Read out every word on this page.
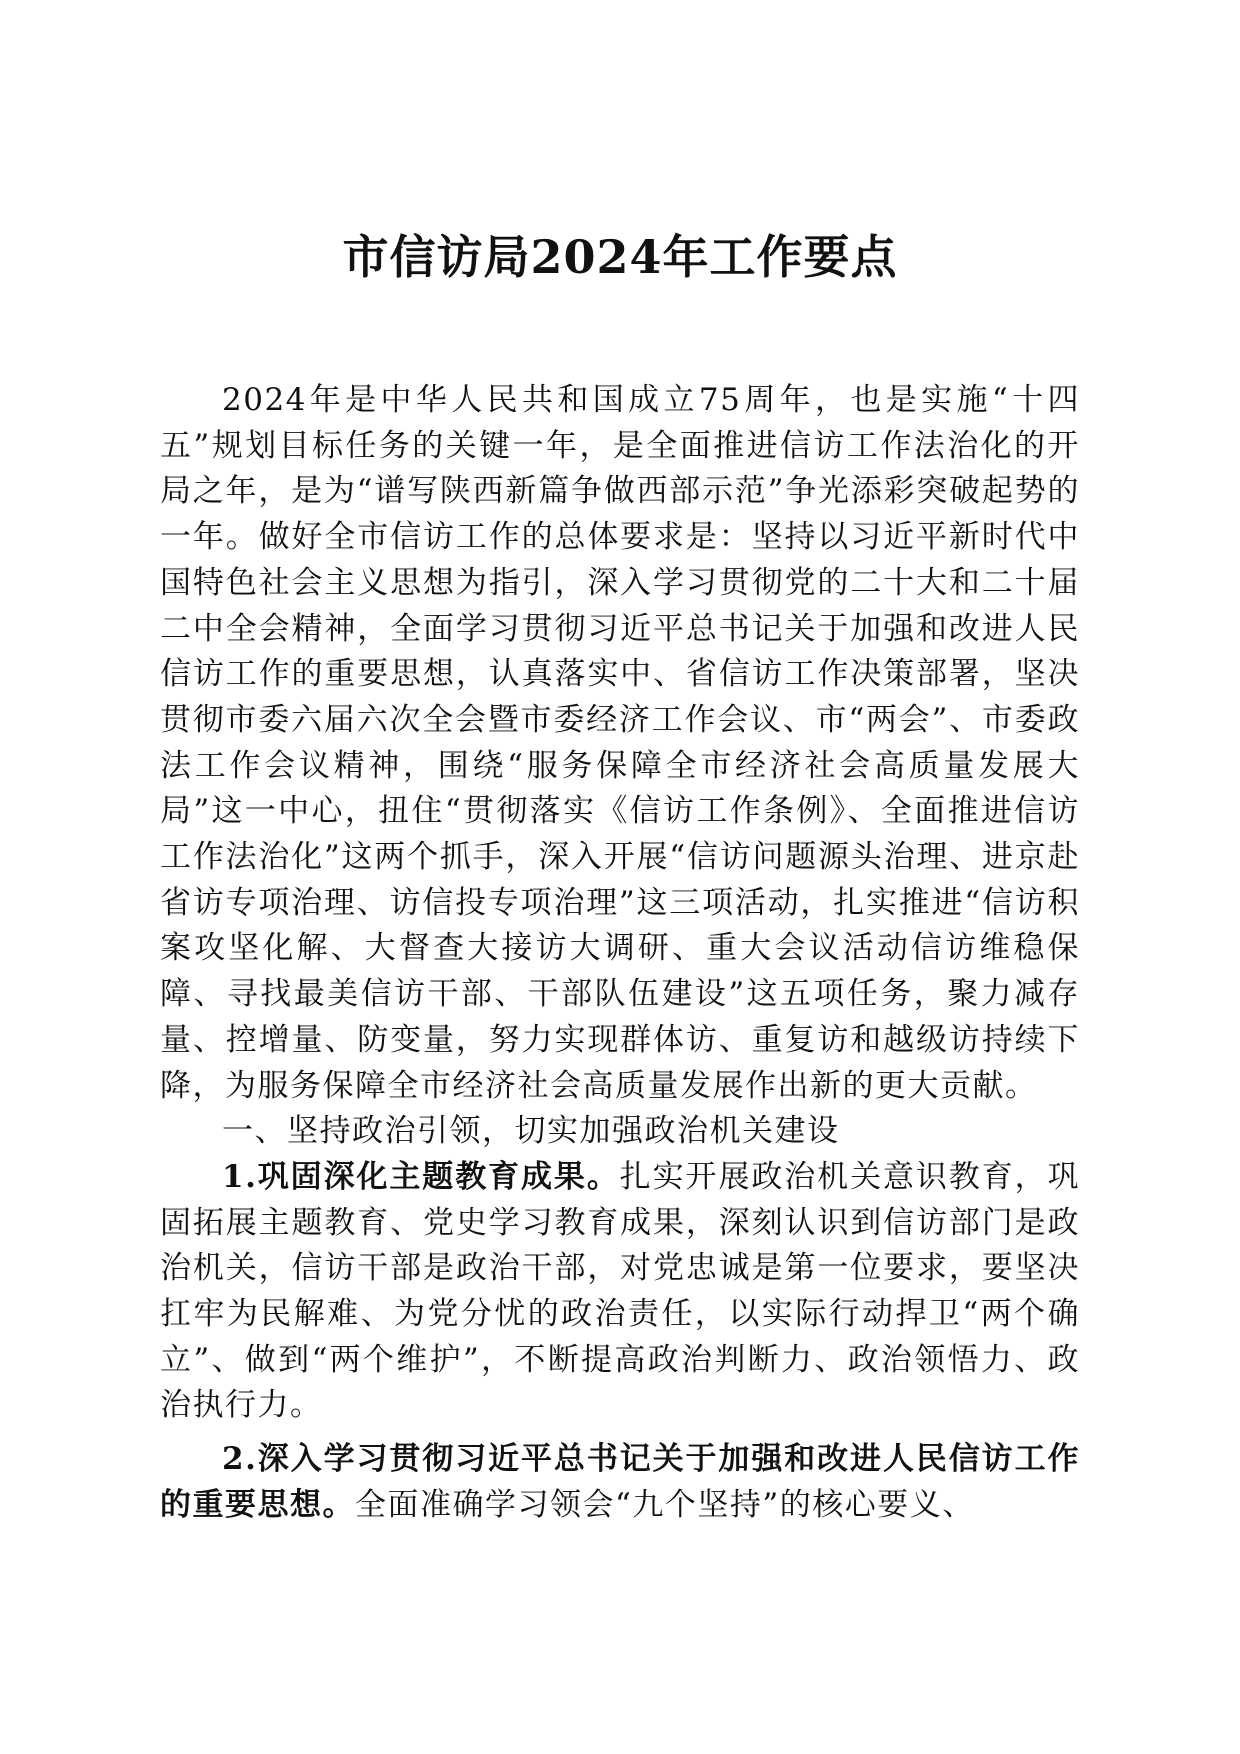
市信访局2024年工作要点

2024年是中华人民共和国成立75周年，也是实施“十四五”规划目标任务的关键一年，是全面推进信访工作法治化的开局之年，是为“谱写陕西新篇争做西部示范”争光添彩突破起势的一年。做好全市信访工作的总体要求是：坚持以习近平新时代中国特色社会主义思想为指引，深入学习贯彻党的二十大和二十届二中全会精神，全面学习贯彻习近平总书记关于加强和改进人民信访工作的重要思想，认真落实中、省信访工作决策部署，坚决贯彻市委六届六次全会暨市委经济工作会议、市“两会”、市委政法工作会议精神，围绕“服务保障全市经济社会高质量发展大局”这一中心，扭住“贯彻落实《信访工作条例》、全面推进信访工作法治化”这两个抓手，深入开展“信访问题源头治理、进京赴省访专项治理、访信投专项治理”这三项活动，扎实推进“信访积案攻坚化解、大督查大接访大调研、重大会议活动信访维稳保障、寻找最美信访干部、干部队伍建设”这五项任务，聚力减存量、控增量、防变量，努力实现群体访、重复访和越级访持续下降，为服务保障全市经济社会高质量发展作出新的更大贡献。

一、坚持政治引领，切实加强政治机关建设

1.巩固深化主题教育成果。扎实开展政治机关意识教育，巩固拓展主题教育、党史学习教育成果，深刻认识到信访部门是政治机关，信访干部是政治干部，对党忠诚是第一位要求，要坚决扛牢为民解难、为党分忧的政治责任，以实际行动捍卫“两个确立”、做到“两个维护”，不断提高政治判断力、政治领悟力、政治执行力。

2.深入学习贯彻习近平总书记关于加强和改进人民信访工作的重要思想。全面准确学习领会“九个坚持”的核心要义、
